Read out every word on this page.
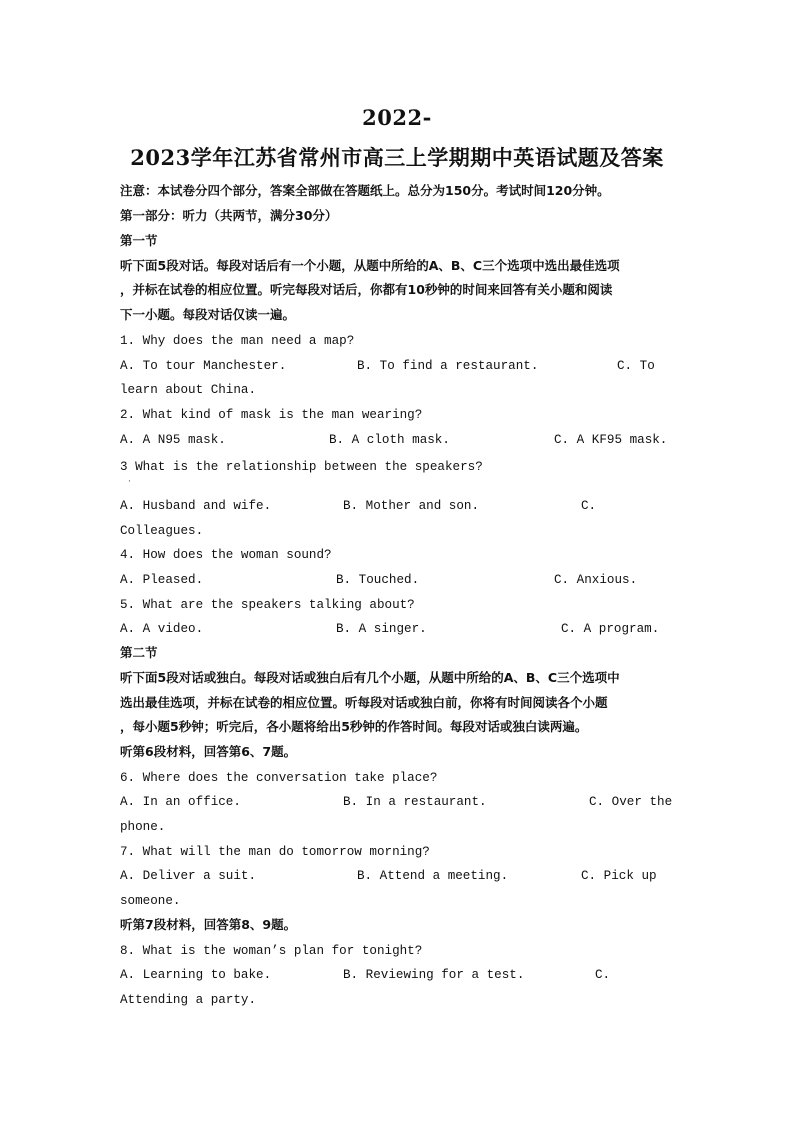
2022-
2023学年江苏省常州市高三上学期期中英语试题及答案
注意：本试卷分四个部分，答案全部做在答题纸上。总分为150分。考试时间120分钟。
第一部分：听力（共两节，满分30分）
第一节
听下面5段对话。每段对话后有一个小题，从题中所给的A、B、C三个选项中选出最佳选项
，并标在试卷的相应位置。听完每段对话后，你都有10秒钟的时间来回答有关小题和阅读
下一小题。每段对话仅读一遍。
1. Why does the man need a map?
A. To tour Manchester.	B. To find a restaurant.	C. To
learn about China.
2. What kind of mask is the man wearing?
A. A N95 mask.	B. A cloth mask.	C. A KF95 mask.
3 What is the relationship between the speakers?
·
A. Husband and wife.	B. Mother and son.	C.
Colleagues.
4. How does the woman sound?
A. Pleased.	B. Touched.	C. Anxious.
5. What are the speakers talking about?
A. A video.	B. A singer.	C. A program.
第二节
听下面5段对话或独白。每段对话或独白后有几个小题，从题中所给的A、B、C三个选项中
选出最佳选项，并标在试卷的相应位置。听每段对话或独白前，你将有时间阅读各个小题
，每小题5秒钟；听完后，各小题将给出5秒钟的作答时间。每段对话或独白读两遍。
听第6段材料，回答第6、7题。
6. Where does the conversation take place?
A. In an office.	B. In a restaurant.	C. Over the
phone.
7. What will the man do tomorrow morning?
A. Deliver a suit.	B. Attend a meeting.	C. Pick up
someone.
听第7段材料，回答第8、9题。
8. What is the woman’s plan for tonight?
A. Learning to bake.	B. Reviewing for a test.	C.
Attending a party.
